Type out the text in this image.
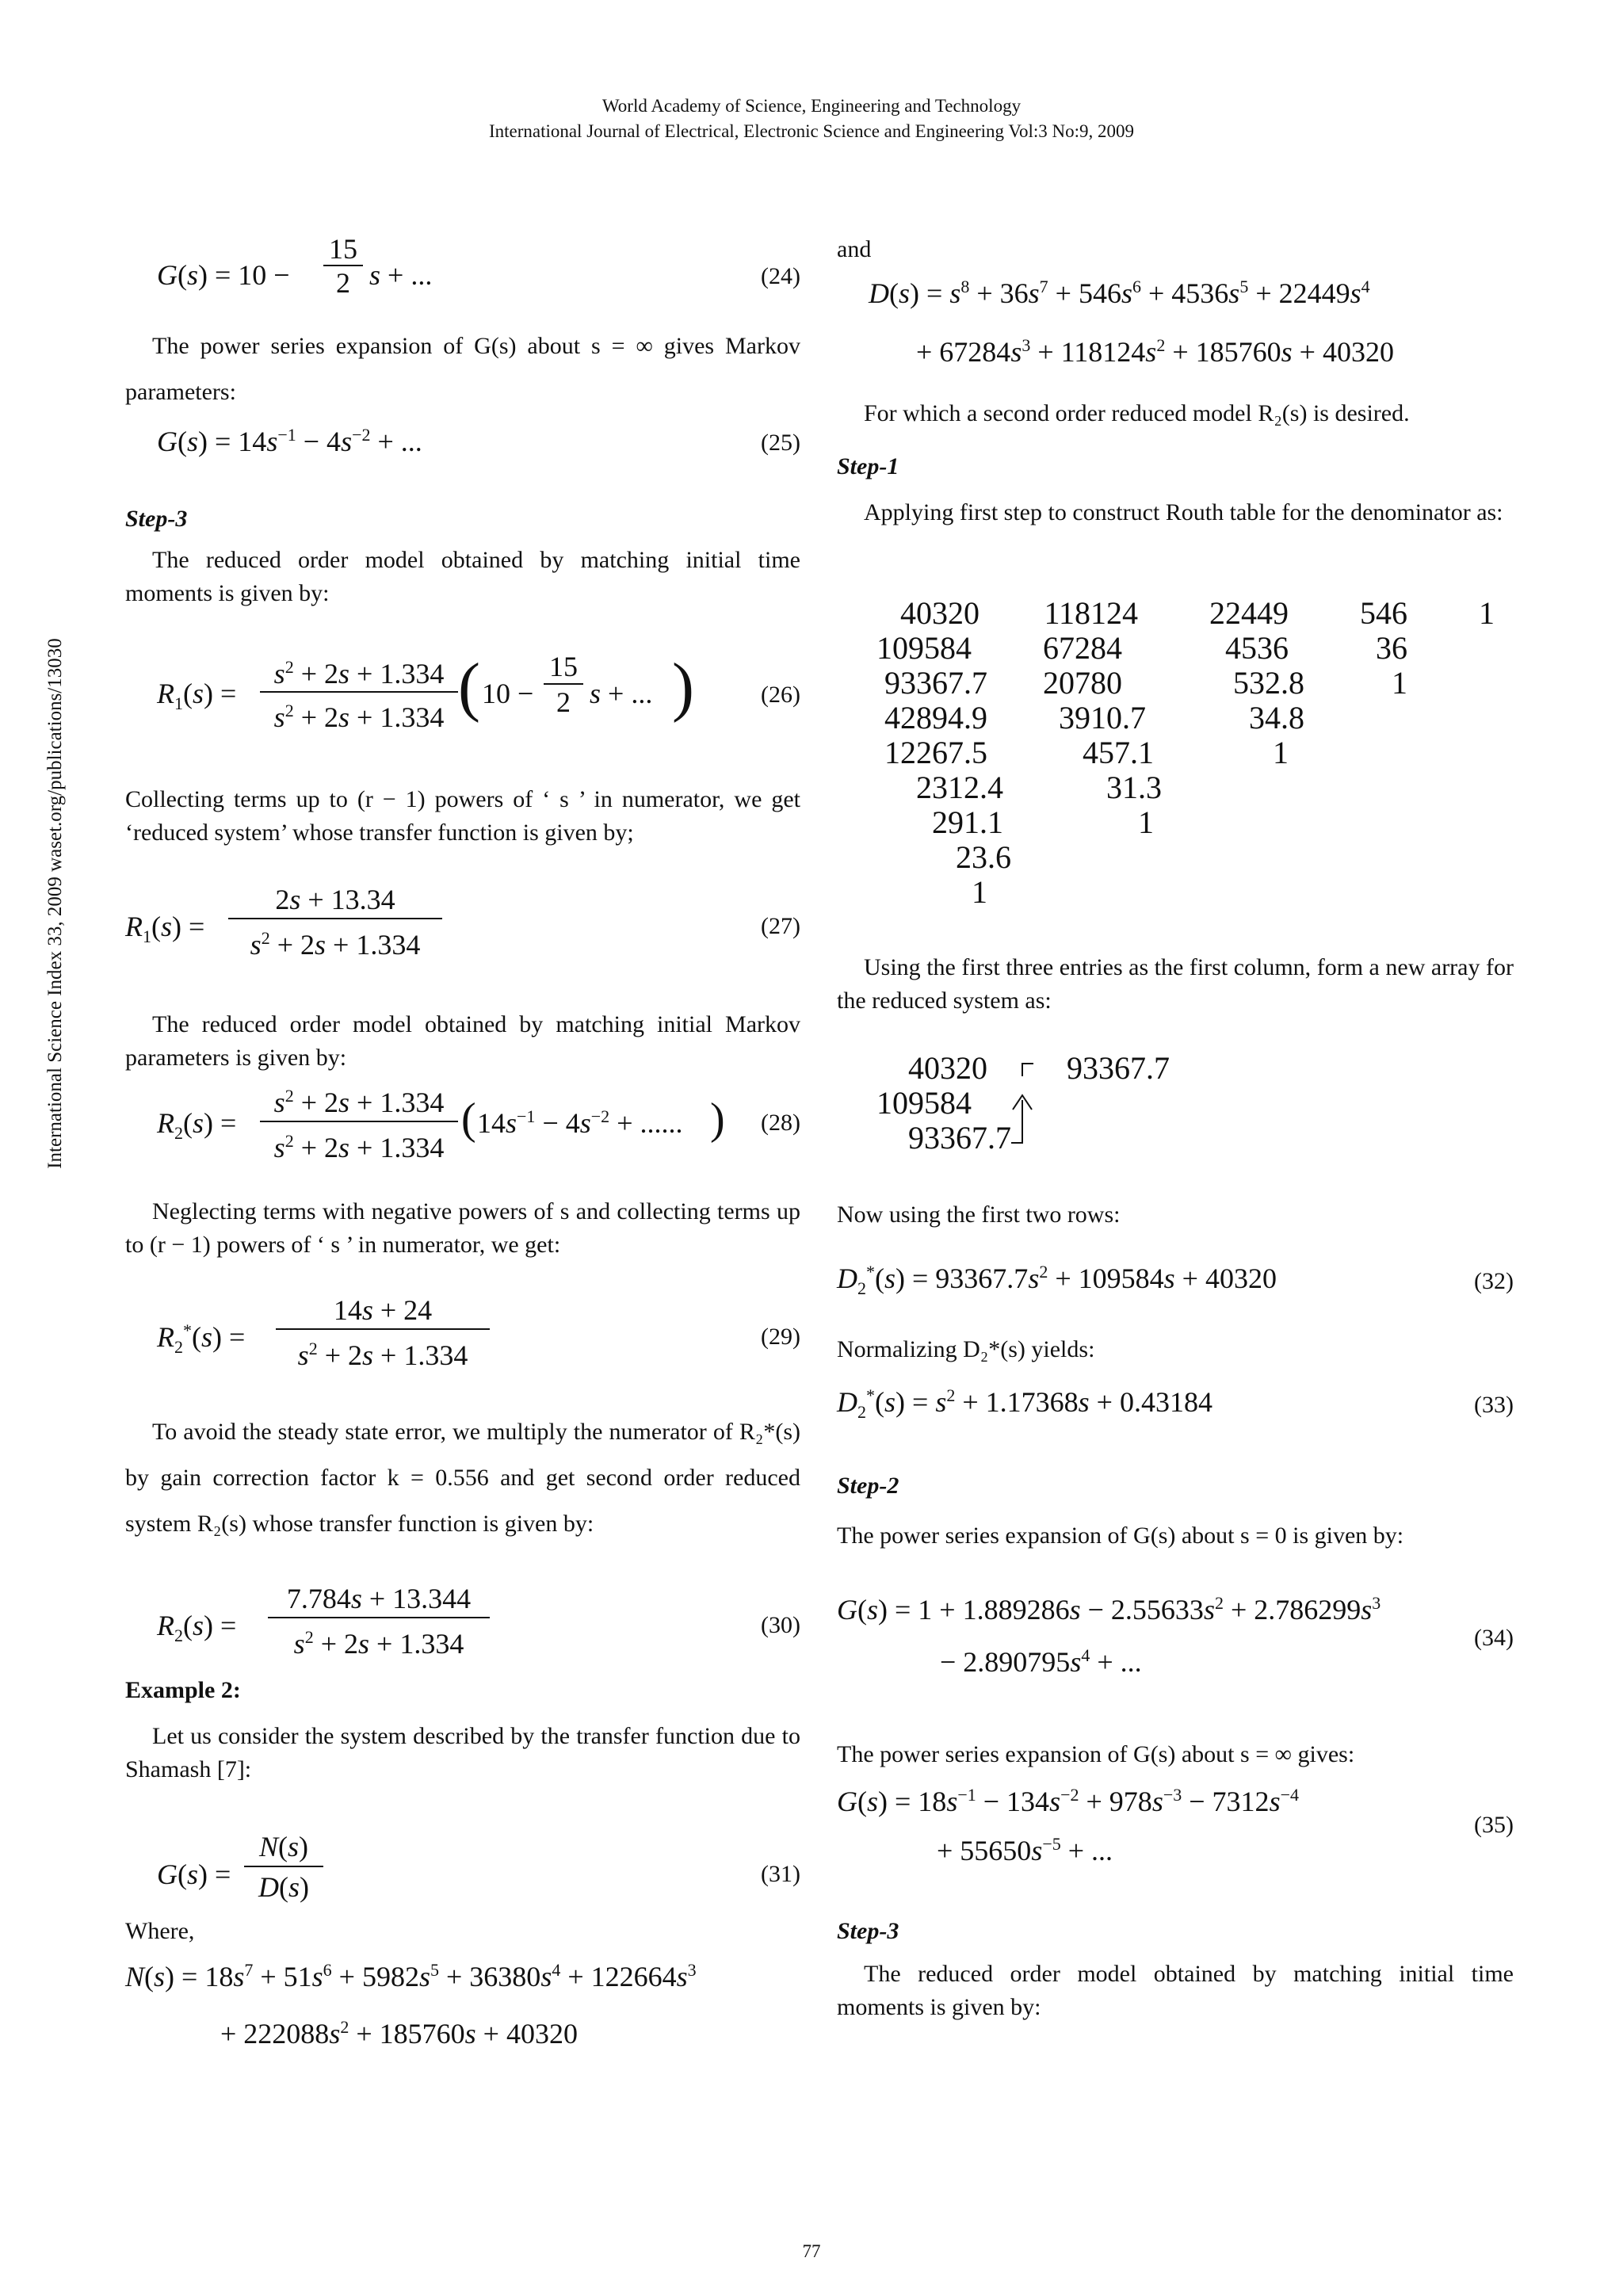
World Academy of Science, Engineering and Technology
International Journal of Electrical, Electronic Science and Engineering Vol:3 No:9, 2009
International Science Index 33, 2009 waset.org/publications/13030
G(s) = 10 −
15
2 s + ...	(24)

The power series expansion of G(s) about s = ∞ gives Markov parameters:

$G(s) = 14s^{-1} - 4s^{-2}$ + ...	(25)
Step-3

The reduced order model obtained by matching initial time moments is given by:

$R_1(s)$ =
$s^2 + 2s + 1.334$
$s^2 + 2s + 1.334$ ( 10 −
15
2 s + ... )	(26)

Collecting terms up to (r − 1) powers of ‘ s ’ in numerator, we get ‘reduced system’ whose transfer function is given by;

$R_1(s)$ =
2s + 13.34
$s^2 + 2s + 1.334$
(27)

The reduced order model obtained by matching initial Markov parameters is given by:

$R_2(s)$ =
$s^2 + 2s + 1.334$
$s^2 + 2s + 1.334$
( $14s^{-1} - 4s^{-2}$ + ...... ) (28)

Neglecting terms with negative powers of s and collecting terms up to (r − 1) powers of ‘ s ’ in numerator, we get:

$R_2^*(s)$ =
14s + 24
$s^2 + 2s + 1.334$
(29)

To avoid the steady state error, we multiply the numerator of R₂*(s) by gain correction factor k = 0.556 and get second order reduced system R₂(s) whose transfer function is given by:

$R_2(s)$ =
7.784s + 13.344
$s^2 + 2s + 1.334$
(30)
Example 2:

Let us consider the system described by the transfer function due to Shamash [7]:

G(s) =
N(s)
D(s)	(31)
Where,
$N(s) = 18s^7 + 51s^6 + 5982s^5 + 36380s^4 + 122664s^3$
+ $222088s^2 + 185760s + 40320$
and
$D(s) = s^8 + 36s^7 + 546s^6 + 4536s^5 + 22449s^4$
+ $67284s^3 + 118124s^2 + 185760s + 40320$

For which a second order reduced model R₂(s) is desired.

Step-1

Applying first step to construct Routh table for the denominator as:

40320	118124	22449	546	1
109584	67284	4536	36
93367.7	20780	532.8	1
42894.9	3910.7	34.8
12267.5	457.1	1
2312.4	31.3
291.1	1
23.6
1

Using the first three entries as the first column, form a new array for the reduced system as:

40320
109584
93367.7
93367.7
Now using the first two rows:
$D_2^*(s) = 93367.7s^2 + 109584s + 40320$	(32)
Normalizing D₂*(s) yields:
$D_2^*(s) = s^2 + 1.17368s + 0.43184$	(33)
Step-2
The power series expansion of G(s) about s = 0 is given by:
$G(s) = 1 + 1.889286s - 2.55633s^2 + 2.786299s^3$
− $2.890795s^4$ + ...
(34)
The power series expansion of G(s) about s = ∞ gives:
$G(s) = 18s^{-1} - 134s^{-2} + 978s^{-3} - 7312s^{-4}$
+ $55650s^{-5}$ + ...
(35)
Step-3

The reduced order model obtained by matching initial time moments is given by:

77
